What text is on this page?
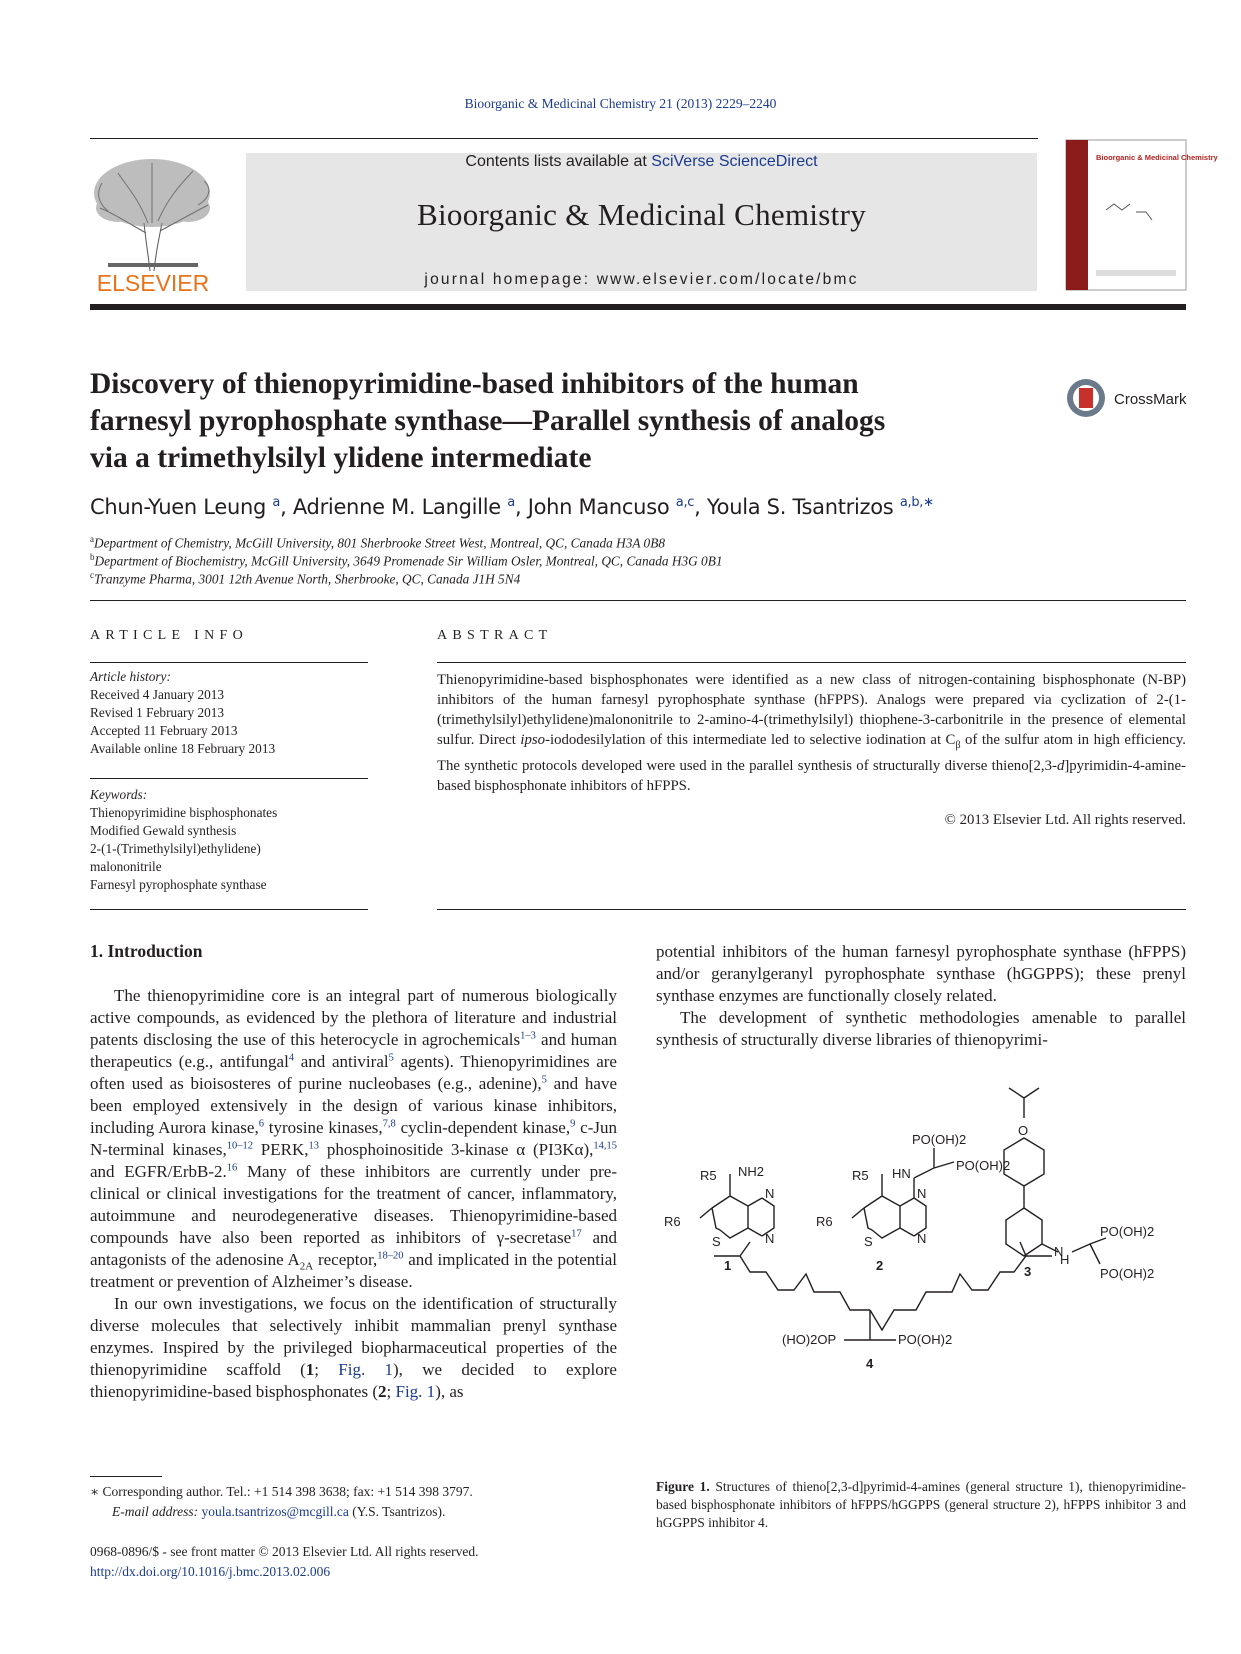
Bioorganic & Medicinal Chemistry 21 (2013) 2229–2240
ELSEVIER
Contents lists available at SciVerse ScienceDirect
Bioorganic & Medicinal Chemistry
journal homepage: www.elsevier.com/locate/bmc
Bioorganic & Medicinal Chemistry
Discovery of thienopyrimidine-based inhibitors of the human
farnesyl pyrophosphate synthase—Parallel synthesis of analogs
via a trimethylsilyl ylidene intermediate
CrossMark
Chun-Yuen Leung $^a$, Adrienne M. Langille $^a$, John Mancuso $^{a,c}$, Youla S. Tsantrizos $^{a,b,∗}$
$^a$Department of Chemistry, McGill University, 801 Sherbrooke Street West, Montreal, QC, Canada H3A 0B8
$^b$Department of Biochemistry, McGill University, 3649 Promenade Sir William Osler, Montreal, QC, Canada H3G 0B1
$^c$Tranzyme Pharma, 3001 12th Avenue North, Sherbrooke, QC, Canada J1H 5N4
ARTICLE INFO	ABSTRACT
Article history:
Received 4 January 2013
Revised 1 February 2013
Accepted 11 February 2013
Available online 18 February 2013
Keywords:
Thienopyrimidine bisphosphonates
Modified Gewald synthesis
2-(1-(Trimethylsilyl)ethylidene)
malononitrile
Farnesyl pyrophosphate synthase
Thienopyrimidine-based bisphosphonates were identified as a new class of nitrogen-containing bisphosphonate (N-BP) inhibitors of the human farnesyl pyrophosphate synthase (hFPPS). Analogs were prepared via cyclization of 2-(1-(trimethylsilyl)ethylidene)malononitrile to 2-amino-4-(trimethylsilyl) thiophene-3-carbonitrile in the presence of elemental sulfur. Direct ipso-iododesilylation of this intermediate led to selective iodination at $C_\beta$ of the sulfur atom in high efficiency. The synthetic protocols developed were used in the parallel synthesis of structurally diverse thieno[2,3-d]pyrimidin-4-amine-based bisphosphonate inhibitors of hFPPS.
© 2013 Elsevier Ltd. All rights reserved.
1. Introduction

The thienopyrimidine core is an integral part of numerous biologically active compounds, as evidenced by the plethora of literature and industrial patents disclosing the use of this heterocycle in agrochemicals$^{1-3}$ and human therapeutics (e.g., antifungal$^4$ and antiviral$^5$ agents). Thienopyrimidines are often used as bioisosteres of purine nucleobases (e.g., adenine),$^5$ and have been employed extensively in the design of various kinase inhibitors, including Aurora kinase,$^6$ tyrosine kinases,$^{7,8}$ cyclin-dependent kinase,$^9$ c-Jun N-terminal kinases,$^{10-12}$ PERK,$^{13}$ phosphoinositide 3-kinase α (PI3Kα),$^{14,15}$ and EGFR/ErbB-2.16 Many of these inhibitors are currently under pre-clinical or clinical investigations for the treatment of cancer, inflammatory, autoimmune and neurodegenerative diseases. Thienopyrimidine-based compounds have also been reported as inhibitors of γ-secretase$^{17}$ and antagonists of the adenosine $A^{2A}$ receptor,$^{18-20}$ and implicated in the potential treatment or prevention of Alzheimer’s disease.

In our own investigations, we focus on the identification of structurally diverse molecules that selectively inhibit mammalian prenyl synthase enzymes. Inspired by the privileged biopharmaceutical properties of the thienopyrimidine scaffold (1; Fig. 1), we decided to explore thienopyrimidine-based bisphosphonates (2; Fig. 1), as

potential inhibitors of the human farnesyl pyrophosphate synthase (hFPPS) and/or geranylgeranyl pyrophosphate synthase (hGGPPS); these prenyl synthase enzymes are functionally closely related.

The development of synthetic methodologies amenable to parallel synthesis of structurally diverse libraries of thienopyrimi-

R5 NH2
R6
N
N
S
1
R5 HN
R6
N
N
S
PO(OH)2
PO(OH)2
2
O
N
H
PO(OH)2
PO(OH)2
3
(HO)2OP	PO(OH)2
4
Figure 1. Structures of thieno[2,3-d]pyrimid-4-amines (general structure 1), thienopyrimidine-based bisphosphonate inhibitors of hFPPS/hGGPPS (general structure 2), hFPPS inhibitor 3 and hGGPPS inhibitor 4.
∗ Corresponding author. Tel.: +1 514 398 3638; fax: +1 514 398 3797.
E-mail address: youla.tsantrizos@mcgill.ca (Y.S. Tsantrizos).
0968-0896/$ - see front matter © 2013 Elsevier Ltd. All rights reserved.
http://dx.doi.org/10.1016/j.bmc.2013.02.006
